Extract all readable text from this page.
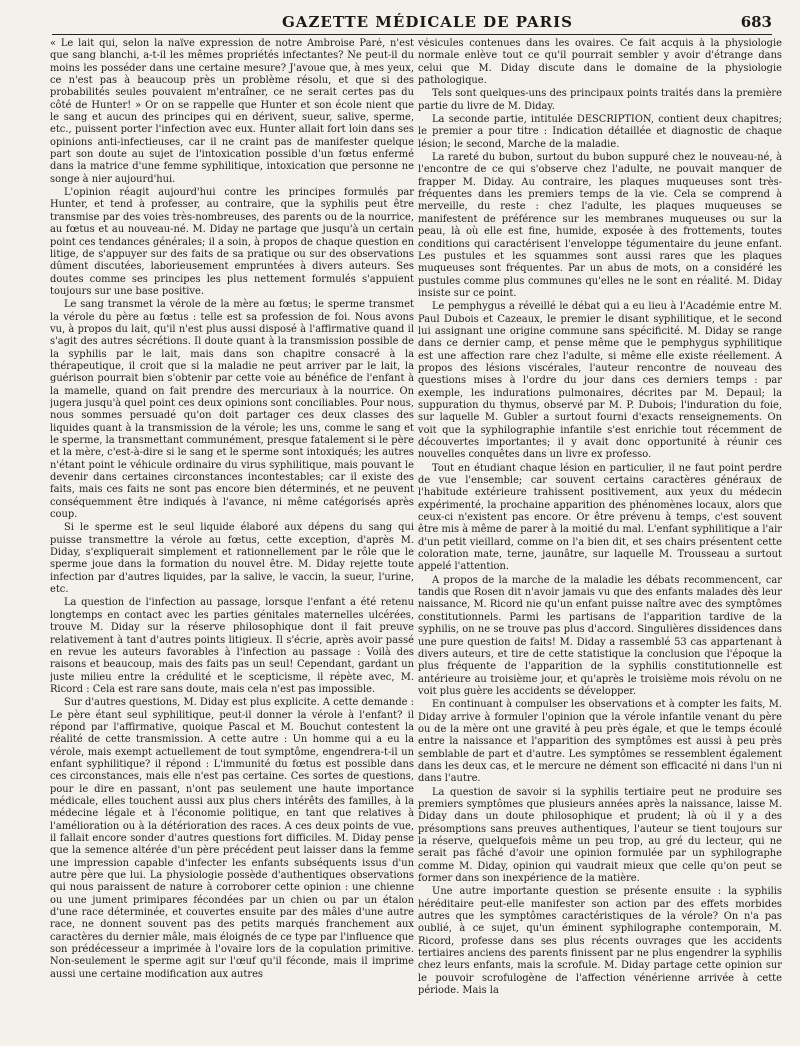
GAZETTE MÉDICALE DE PARIS	683

« Le lait qui, selon la naïve expression de notre Ambroise Paré, n'est que sang blanchi, a-t-il les mêmes propriétés infectantes? Ne peut-il du moins les posséder dans une certaine mesure? J'avoue que, à mes yeux, ce n'est pas à beaucoup près un problème résolu, et que si des probabilités seules pouvaient m'entraîner, ce ne serait certes pas du côté de Hunter! » Or on se rappelle que Hunter et son école nient que le sang et aucun des principes qui en dérivent, sueur, salive, sperme, etc., puissent porter l'infection avec eux. Hunter allait fort loin dans ses opinions anti-infectieuses, car il ne craint pas de manifester quelque part son doute au sujet de l'intoxication possible d'un fœtus enfermé dans la matrice d'une femme syphilitique, intoxication que personne ne songe à nier aujourd'hui.

L'opinion réagit aujourd'hui contre les principes formulés par Hunter, et tend à professer, au contraire, que la syphilis peut être transmise par des voies très-nombreuses, des parents ou de la nourrice, au fœtus et au nouveau-né. M. Diday ne partage que jusqu'à un certain point ces tendances générales; il a soin, à propos de chaque question en litige, de s'appuyer sur des faits de sa pratique ou sur des observations dûment discutées, laborieusement empruntées à divers auteurs. Ses doutes comme ses principes les plus nettement formulés s'appuient toujours sur une base positive.

Le sang transmet la vérole de la mère au fœtus; le sperme transmet la vérole du père au fœtus : telle est sa profession de foi. Nous avons vu, à propos du lait, qu'il n'est plus aussi disposé à l'affirmative quand il s'agit des autres sécrétions. Il doute quant à la transmission possible de la syphilis par le lait, mais dans son chapitre consacré à la thérapeutique, il croit que si la maladie ne peut arriver par le lait, la guérison pourrait bien s'obtenir par cette voie au bénéfice de l'enfant à la mamelle, quand on fait prendre des mercuriaux à la nourrice. On jugera jusqu'à quel point ces deux opinions sont conciliables. Pour nous, nous sommes persuadé qu'on doit partager ces deux classes des liquides quant à la transmission de la vérole; les uns, comme le sang et le sperme, la transmettant communément, presque fatalement si le père et la mère, c'est-à-dire si le sang et le sperme sont intoxiqués; les autres n'étant point le véhicule ordinaire du virus syphilitique, mais pouvant le devenir dans certaines circonstances incontestables; car il existe des faits, mais ces faits ne sont pas encore bien déterminés, et ne peuvent conséquemment être indiqués à l'avance, ni même catégorisés après coup.

Si le sperme est le seul liquide élaboré aux dépens du sang qui puisse transmettre la vérole au fœtus, cette exception, d'après M. Diday, s'expliquerait simplement et rationnellement par le rôle que le sperme joue dans la formation du nouvel être. M. Diday rejette toute infection par d'autres liquides, par la salive, le vaccin, la sueur, l'urine, etc.

La question de l'infection au passage, lorsque l'enfant a été retenu longtemps en contact avec les parties génitales maternelles ulcérées, trouve M. Diday sur la réserve philosophique dont il fait preuve relativement à tant d'autres points litigieux. Il s'écrie, après avoir passé en revue les auteurs favorables à l'infection au passage : Voilà des raisons et beaucoup, mais des faits pas un seul! Cependant, gardant un juste milieu entre la crédulité et le scepticisme, il répète avec, M. Ricord : Cela est rare sans doute, mais cela n'est pas impossible.

Sur d'autres questions, M. Diday est plus explicite. A cette demande : Le père étant seul syphilitique, peut-il donner la vérole à l'enfant? il répond par l'affirmative, quoique Pascal et M. Bouchut contestent la réalité de cette transmission. A cette autre : Un homme qui a eu la vérole, mais exempt actuellement de tout symptôme, engendrera-t-il un enfant syphilitique? il répond : L'immunité du fœtus est possible dans ces circonstances, mais elle n'est pas certaine. Ces sortes de questions, pour le dire en passant, n'ont pas seulement une haute importance médicale, elles touchent aussi aux plus chers intérêts des familles, à la médecine légale et à l'économie politique, en tant que relatives à l'amélioration ou à la détérioration des races. A ces deux points de vue, il fallait encore sonder d'autres questions fort difficiles. M. Diday pense que la semence altérée d'un père précédent peut laisser dans la femme une impression capable d'infecter les enfants subséquents issus d'un autre père que lui. La physiologie possède d'authentiques observations qui nous paraissent de nature à corroborer cette opinion : une chienne ou une jument primipares fécondées par un chien ou par un étalon d'une race déterminée, et couvertes ensuite par des mâles d'une autre race, ne donnent souvent pas des petits marqués franchement aux caractères du dernier mâle, mais éloignés de ce type par l'influence que son prédécesseur a imprimée à l'ovaire lors de la copulation primitive. Non-seulement le sperme agit sur l'œuf qu'il féconde, mais il imprime aussi une certaine modification aux autres

vésicules contenues dans les ovaires. Ce fait acquis à la physiologie normale enlève tout ce qu'il pourrait sembler y avoir d'étrange dans celui que M. Diday discute dans le domaine de la physiologie pathologique.

Tels sont quelques-uns des principaux points traités dans la première partie du livre de M. Diday.

La seconde partie, intitulée DESCRIPTION, contient deux chapitres; le premier a pour titre : Indication détaillée et diagnostic de chaque lésion; le second, Marche de la maladie.

La rareté du bubon, surtout du bubon suppuré chez le nouveau-né, à l'encontre de ce qui s'observe chez l'adulte, ne pouvait manquer de frapper M. Diday. Au contraire, les plaques muqueuses sont très-fréquentes dans les premiers temps de la vie. Cela se comprend à merveille, du reste : chez l'adulte, les plaques muqueuses se manifestent de préférence sur les membranes muqueuses ou sur la peau, là où elle est fine, humide, exposée à des frottements, toutes conditions qui caractérisent l'enveloppe tégumentaire du jeune enfant. Les pustules et les squammes sont aussi rares que les plaques muqueuses sont fréquentes. Par un abus de mots, on a considéré les pustules comme plus communes qu'elles ne le sont en réalité. M. Diday insiste sur ce point.

Le pemphygus a réveillé le débat qui a eu lieu à l'Académie entre M. Paul Dubois et Cazeaux, le premier le disant syphilitique, et le second lui assignant une origine commune sans spécificité. M. Diday se range dans ce dernier camp, et pense même que le pemphygus syphilitique est une affection rare chez l'adulte, si même elle existe réellement. A propos des lésions viscérales, l'auteur rencontre de nouveau des questions mises à l'ordre du jour dans ces derniers temps : par exemple, les indurations pulmonaires, décrites par M. Depaul; la suppuration du thymus, observé par M. P. Dubois; l'induration du foie, sur laquelle M. Gubler a surtout fourni d'exacts renseignements. On voit que la syphilographie infantile s'est enrichie tout récemment de découvertes importantes; il y avait donc opportunité à réunir ces nouvelles conquêtes dans un livre ex professo.

Tout en étudiant chaque lésion en particulier, il ne faut point perdre de vue l'ensemble; car souvent certains caractères généraux de l'habitude extérieure trahissent positivement, aux yeux du médecin expérimenté, la prochaine apparition des phénomènes locaux, alors que ceux-ci n'existent pas encore. Or être prévenu à temps, c'est souvent être mis à même de parer à la moitié du mal. L'enfant syphilitique a l'air d'un petit vieillard, comme on l'a bien dit, et ses chairs présentent cette coloration mate, terne, jaunâtre, sur laquelle M. Trousseau a surtout appelé l'attention.

A propos de la marche de la maladie les débats recommencent, car tandis que Rosen dit n'avoir jamais vu que des enfants malades dès leur naissance, M. Ricord nie qu'un enfant puisse naître avec des symptômes constitutionnels. Parmi les partisans de l'apparition tardive de la syphilis, on ne se trouve pas plus d'accord. Singulières dissidences dans une pure question de faits! M. Diday a rassemblé 53 cas appartenant à divers auteurs, et tire de cette statistique la conclusion que l'époque la plus fréquente de l'apparition de la syphilis constitutionnelle est antérieure au troisième jour, et qu'après le troisième mois révolu on ne voit plus guère les accidents se développer.

En continuant à compulser les observations et à compter les faits, M. Diday arrive à formuler l'opinion que la vérole infantile venant du père ou de la mère ont une gravité à peu près égale, et que le temps écoulé entre la naissance et l'apparition des symptômes est aussi à peu près semblable de part et d'autre. Les symptômes se ressemblent également dans les deux cas, et le mercure ne dément son efficacité ni dans l'un ni dans l'autre.

La question de savoir si la syphilis tertiaire peut ne produire ses premiers symptômes que plusieurs années après la naissance, laisse M. Diday dans un doute philosophique et prudent; là où il y a des présomptions sans preuves authentiques, l'auteur se tient toujours sur la réserve, quelquefois même un peu trop, au gré du lecteur, qui ne serait pas fâché d'avoir une opinion formulée par un syphilographe comme M. Diday, opinion qui vaudrait mieux que celle qu'on peut se former dans son inexpérience de la matière.

Une autre importante question se présente ensuite : la syphilis héréditaire peut-elle manifester son action par des effets morbides autres que les symptômes caractéristiques de la vérole? On n'a pas oublié, à ce sujet, qu'un éminent syphilographe contemporain, M. Ricord, professe dans ses plus récents ouvrages que les accidents tertiaires anciens des parents finissent par ne plus engendrer la syphilis chez leurs enfants, mais la scrofule. M. Diday partage cette opinion sur le pouvoir scrofulogène de l'affection vénérienne arrivée à cette période. Mais la
